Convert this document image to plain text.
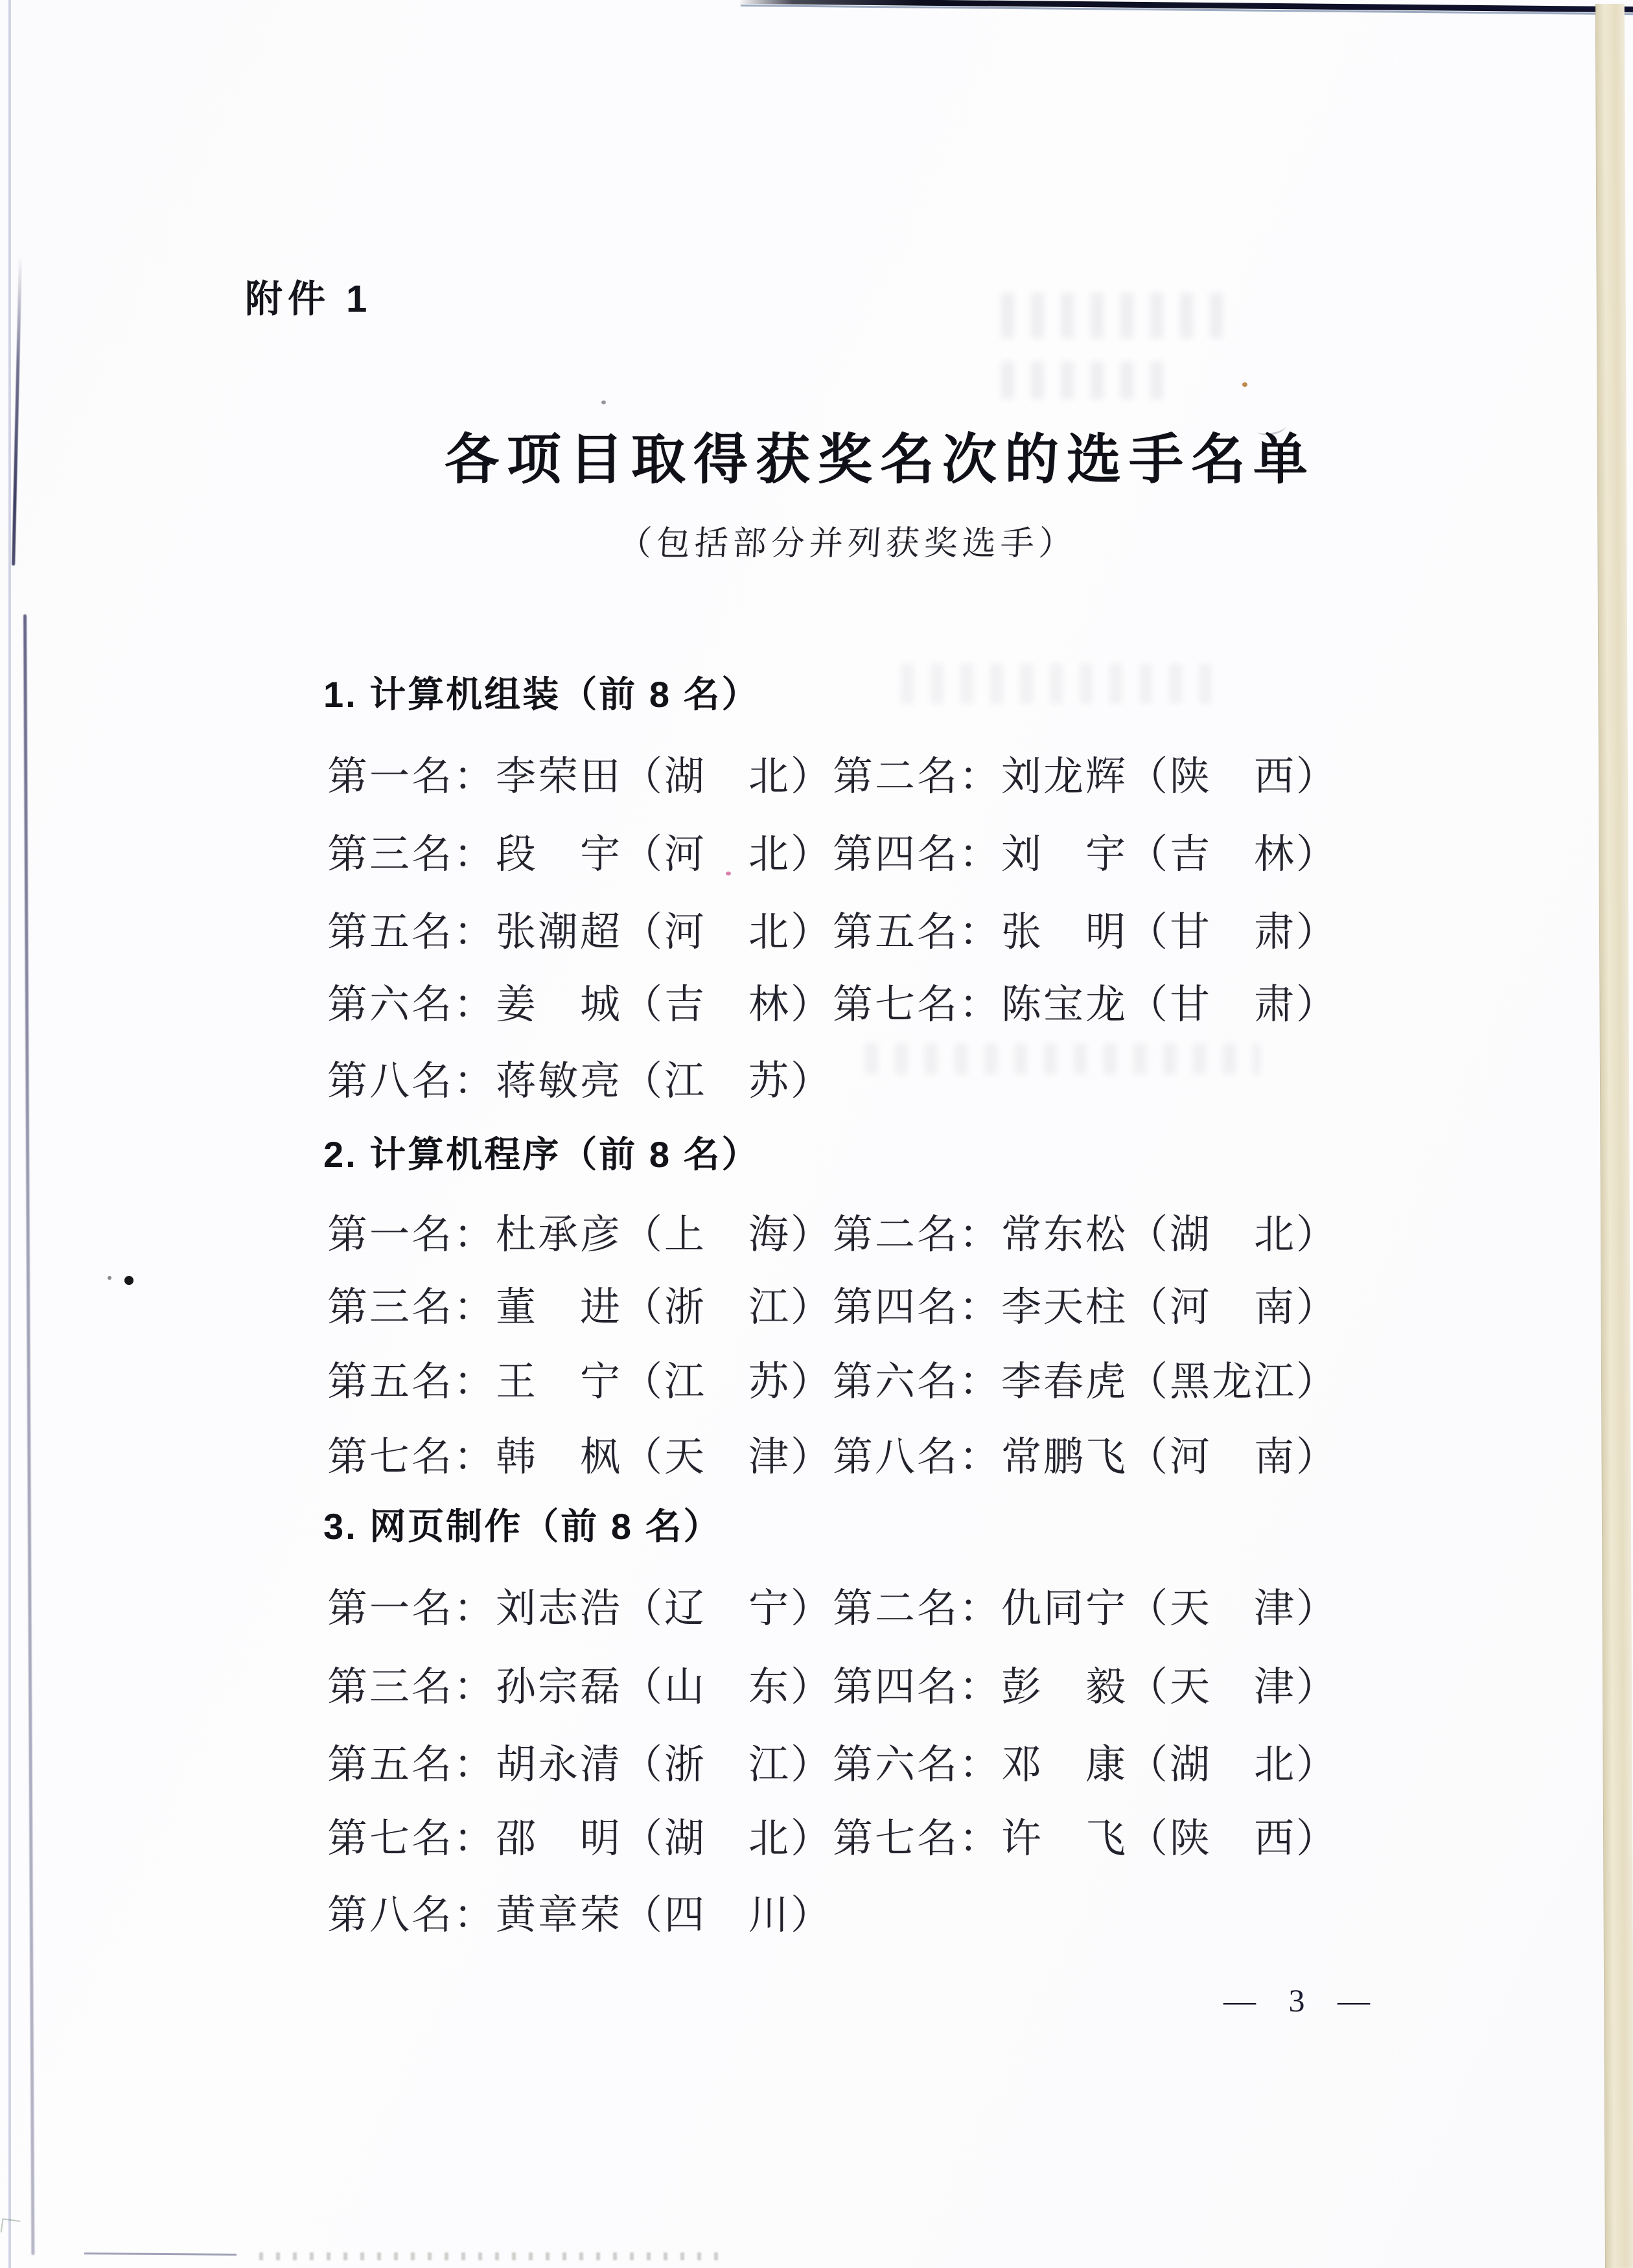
附件 1
各项目取得获奖名次的选手名单
（包括部分并列获奖选手）
1. 计算机组装（前 8 名）
第一名：李荣田（湖　北）第二名：刘龙辉（陕　西）
第三名：段　宇（河　北）第四名：刘　宇（吉　林）
第五名：张潮超（河　北）第五名：张　明（甘　肃）
第六名：姜　城（吉　林）第七名：陈宝龙（甘　肃）
第八名：蒋敏亮（江　苏）
2. 计算机程序（前 8 名）
第一名：杜承彦（上　海）第二名：常东松（湖　北）
第三名：董　进（浙　江）第四名：李天柱（河　南）
第五名：王　宁（江　苏）第六名：李春虎（黑龙江）
第七名：韩　枫（天　津）第八名：常鹏飞（河　南）
3. 网页制作（前 8 名）
第一名：刘志浩（辽　宁）第二名：仇同宁（天　津）
第三名：孙宗磊（山　东）第四名：彭　毅（天　津）
第五名：胡永清（浙　江）第六名：邓　康（湖　北）
第七名：邵　明（湖　北）第七名：许　飞（陕　西）
第八名：黄章荣（四　川）
— 3 —
